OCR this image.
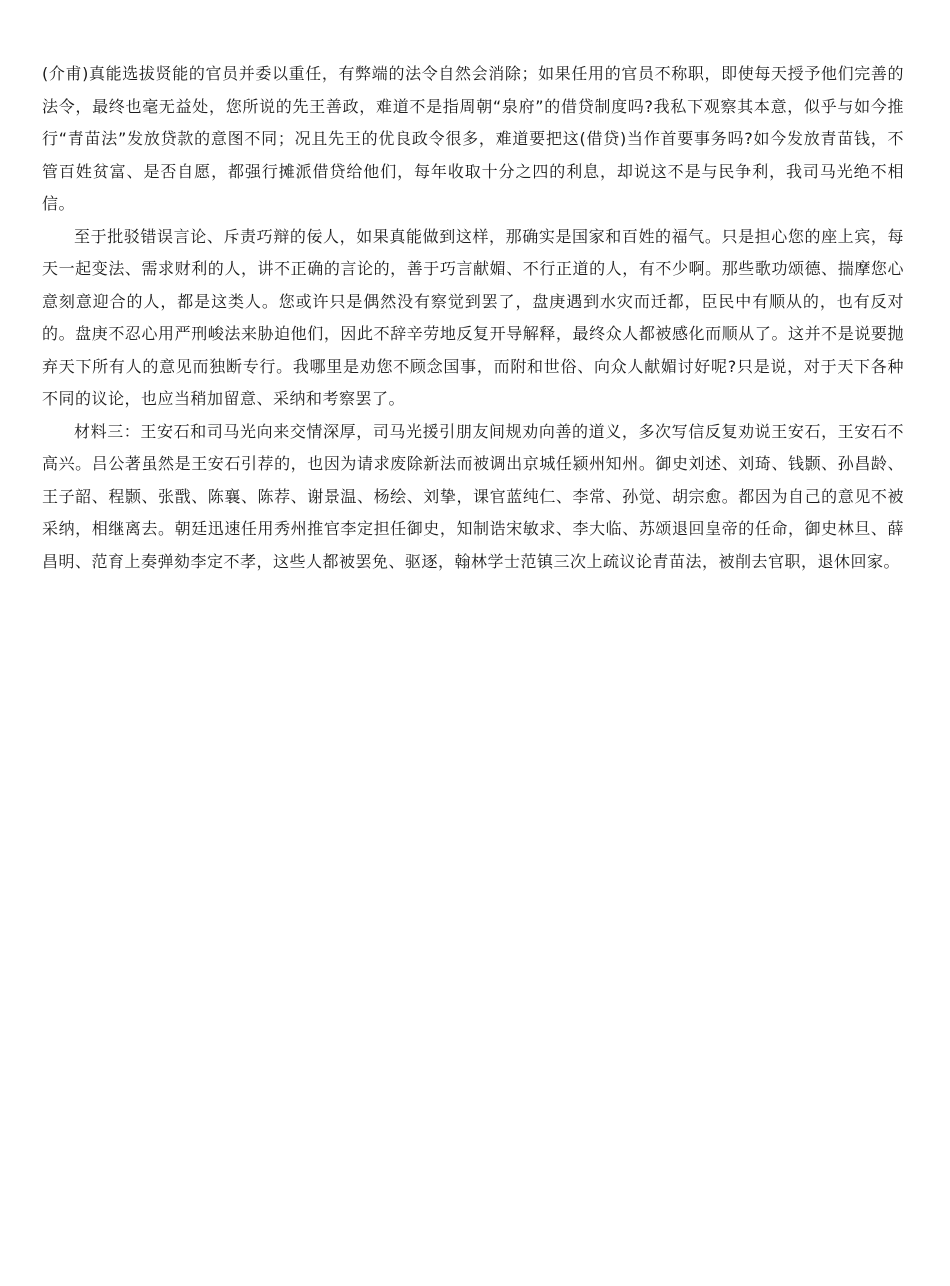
(介甫)真能选拔贤能的官员并委以重任，有弊端的法令自然会消除；如果任用的官员不称职，即使每天授予他们完善的法令，最终也毫无益处，您所说的先王善政，难道不是指周朝“泉府”的借贷制度吗?我私下观察其本意，似乎与如今推行“青苗法”发放贷款的意图不同；况且先王的优良政令很多，难道要把这(借贷)当作首要事务吗?如今发放青苗钱，不管百姓贫富、是否自愿，都强行摊派借贷给他们，每年收取十分之四的利息，却说这不是与民争利，我司马光绝不相信。

至于批驳错误言论、斥责巧辩的佞人，如果真能做到这样，那确实是国家和百姓的福气。只是担心您的座上宾，每天一起变法、需求财利的人，讲不正确的言论的，善于巧言献媚、不行正道的人，有不少啊。那些歌功颂德、揣摩您心意刻意迎合的人，都是这类人。您或许只是偶然没有察觉到罢了，盘庚遇到水灾而迁都，臣民中有顺从的，也有反对的。盘庚不忍心用严刑峻法来胁迫他们，因此不辞辛劳地反复开导解释，最终众人都被感化而顺从了。这并不是说要抛弃天下所有人的意见而独断专行。我哪里是劝您不顾念国事，而附和世俗、向众人献媚讨好呢?只是说，对于天下各种不同的议论，也应当稍加留意、采纳和考察罢了。

材料三：王安石和司马光向来交情深厚，司马光援引朋友间规劝向善的道义，多次写信反复劝说王安石，王安石不高兴。吕公著虽然是王安石引荐的，也因为请求废除新法而被调出京城任颍州知州。御史刘述、刘琦、钱颢、孙昌龄、王子韶、程颢、张戬、陈襄、陈荐、谢景温、杨绘、刘挚，课官蓝纯仁、李常、孙觉、胡宗愈。都因为自己的意见不被采纳，相继离去。朝廷迅速任用秀州推官李定担任御史，知制诰宋敏求、李大临、苏颂退回皇帝的任命，御史林旦、薛昌明、范育上奏弹劾李定不孝，这些人都被罢免、驱逐，翰林学士范镇三次上疏议论青苗法，被削去官职，退休回家。
